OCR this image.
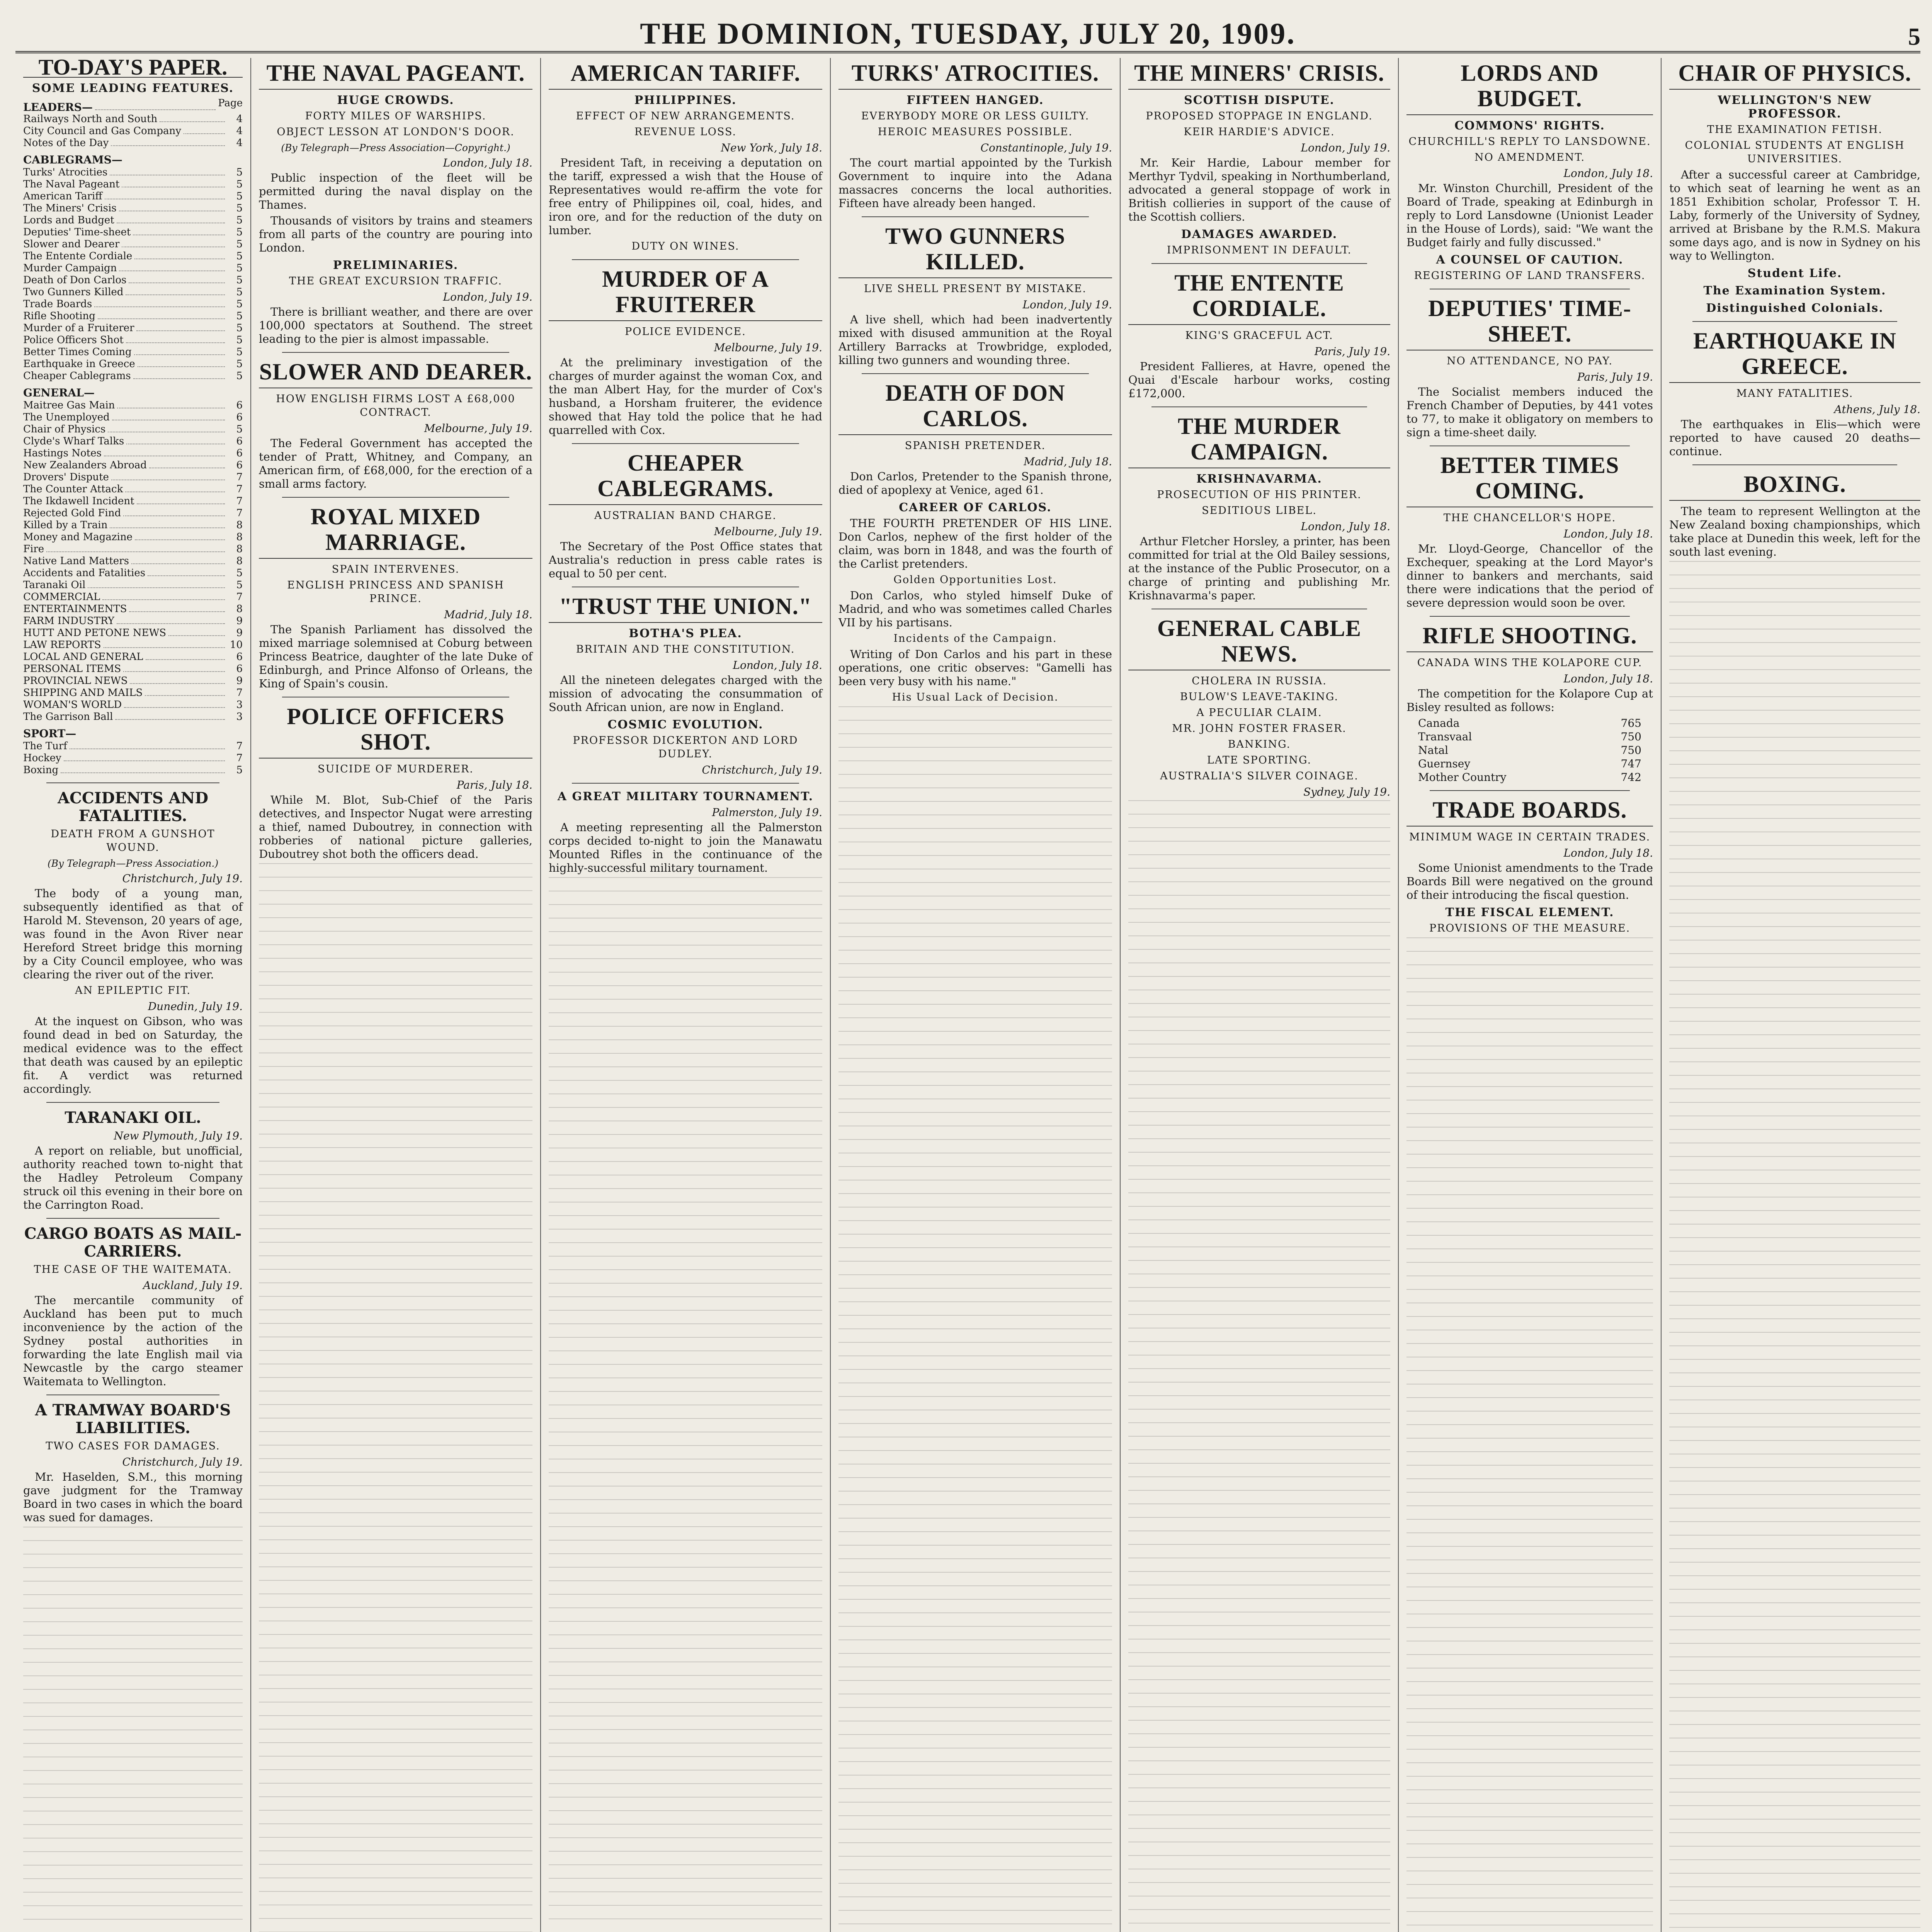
THE DOMINION, TUESDAY, JULY 20, 1909.	5
TO-DAY'S PAPER.
SOME LEADING FEATURES.
LEADERS—	Page
Railways North and South	4
City Council and Gas Company	4
Notes of the Day	4
CABLEGRAMS—
Turks' Atrocities	5
The Naval Pageant	5
American Tariff	5
The Miners' Crisis	5
Lords and Budget	5
Deputies' Time-sheet	5
Slower and Dearer	5
The Entente Cordiale	5
Murder Campaign	5
Death of Don Carlos	5
Two Gunners Killed	5
Trade Boards	5
Rifle Shooting	5
Murder of a Fruiterer	5
Police Officers Shot	5
Better Times Coming	5
Earthquake in Greece	5
Cheaper Cablegrams	5
GENERAL—
Maitree Gas Main	6
The Unemployed	6
Chair of Physics	5
Clyde's Wharf Talks	6
Hastings Notes	6
New Zealanders Abroad	6
Drovers' Dispute	7
The Counter Attack	7
The Ikdawell Incident	7
Rejected Gold Find	7
Killed by a Train	8
Money and Magazine	8
Fire	8
Native Land Matters	8
Accidents and Fatalities	5
Taranaki Oil	5
COMMERCIAL	7
ENTERTAINMENTS	8
FARM INDUSTRY	9
HUTT AND PETONE NEWS	9
LAW REPORTS	10
LOCAL AND GENERAL	6
PERSONAL ITEMS	6
PROVINCIAL NEWS	9
SHIPPING AND MAILS	7
WOMAN'S WORLD	3
The Garrison Ball	3
SPORT—
The Turf	7
Hockey	7
Boxing	5
ACCIDENTS AND FATALITIES.
DEATH FROM A GUNSHOT WOUND.
(By Telegraph—Press Association.)
Christchurch, July 19.

The body of a young man, subsequently identified as that of Harold M. Stevenson, 20 years of age, was found in the Avon River near Hereford Street bridge this morning by a City Council employee, who was clearing the river out of the river.

AN EPILEPTIC FIT.
Dunedin, July 19.

At the inquest on Gibson, who was found dead in bed on Saturday, the medical evidence was to the effect that death was caused by an epileptic fit. A verdict was returned accordingly.

TARANAKI OIL.
New Plymouth, July 19.

A report on reliable, but unofficial, authority reached town to-night that the Hadley Petroleum Company struck oil this evening in their bore on the Carrington Road.

CARGO BOATS AS MAIL-CARRIERS.
THE CASE OF THE WAITEMATA.
Auckland, July 19.

The mercantile community of Auckland has been put to much inconvenience by the action of the Sydney postal authorities in forwarding the late English mail via Newcastle by the cargo steamer Waitemata to Wellington.

A TRAMWAY BOARD'S LIABILITIES.
TWO CASES FOR DAMAGES.
Christchurch, July 19.

Mr. Haselden, S.M., this morning gave judgment for the Tramway Board in two cases in which the board was sued for damages.

THE NAVAL PAGEANT.
HUGE CROWDS.
FORTY MILES OF WARSHIPS.
OBJECT LESSON AT LONDON'S DOOR.
(By Telegraph—Press Association—Copyright.)
London, July 18.

Public inspection of the fleet will be permitted during the naval display on the Thames.

Thousands of visitors by trains and steamers from all parts of the country are pouring into London.

PRELIMINARIES.
THE GREAT EXCURSION TRAFFIC.
London, July 19.

There is brilliant weather, and there are over 100,000 spectators at Southend. The street leading to the pier is almost impassable.

SLOWER AND DEARER.
HOW ENGLISH FIRMS LOST A £68,000 CONTRACT.
Melbourne, July 19.

The Federal Government has accepted the tender of Pratt, Whitney, and Company, an American firm, of £68,000, for the erection of a small arms factory.

ROYAL MIXED MARRIAGE.
SPAIN INTERVENES.
ENGLISH PRINCESS AND SPANISH PRINCE.
Madrid, July 18.

The Spanish Parliament has dissolved the mixed marriage solemnised at Coburg between Princess Beatrice, daughter of the late Duke of Edinburgh, and Prince Alfonso of Orleans, the King of Spain's cousin.

POLICE OFFICERS SHOT.
SUICIDE OF MURDERER.
Paris, July 18.

While M. Blot, Sub-Chief of the Paris detectives, and Inspector Nugat were arresting a thief, named Duboutrey, in connection with robberies of national picture galleries, Duboutrey shot both the officers dead.

AMERICAN TARIFF.
PHILIPPINES.
EFFECT OF NEW ARRANGEMENTS.
REVENUE LOSS.
New York, July 18.

President Taft, in receiving a deputation on the tariff, expressed a wish that the House of Representatives would re-affirm the vote for free entry of Philippines oil, coal, hides, and iron ore, and for the reduction of the duty on lumber.

DUTY ON WINES.
MURDER OF A FRUITERER
POLICE EVIDENCE.
Melbourne, July 19.

At the preliminary investigation of the charges of murder against the woman Cox, and the man Albert Hay, for the murder of Cox's husband, a Horsham fruiterer, the evidence showed that Hay told the police that he had quarrelled with Cox.

CHEAPER CABLEGRAMS.
AUSTRALIAN BAND CHARGE.
Melbourne, July 19.

The Secretary of the Post Office states that Australia's reduction in press cable rates is equal to 50 per cent.

"TRUST THE UNION."
BOTHA'S PLEA.
BRITAIN AND THE CONSTITUTION.
London, July 18.

All the nineteen delegates charged with the mission of advocating the consummation of South African union, are now in England.

COSMIC EVOLUTION.
PROFESSOR DICKERTON AND LORD DUDLEY.
Christchurch, July 19.
A GREAT MILITARY TOURNAMENT.
Palmerston, July 19.

A meeting representing all the Palmerston corps decided to-night to join the Manawatu Mounted Rifles in the continuance of the highly-successful military tournament.

TURKS' ATROCITIES.
FIFTEEN HANGED.
EVERYBODY MORE OR LESS GUILTY.
HEROIC MEASURES POSSIBLE.
Constantinople, July 19.

The court martial appointed by the Turkish Government to inquire into the Adana massacres concerns the local authorities. Fifteen have already been hanged.

TWO GUNNERS KILLED.
LIVE SHELL PRESENT BY MISTAKE.
London, July 19.

A live shell, which had been inadvertently mixed with disused ammunition at the Royal Artillery Barracks at Trowbridge, exploded, killing two gunners and wounding three.

DEATH OF DON CARLOS.
SPANISH PRETENDER.
Madrid, July 18.

Don Carlos, Pretender to the Spanish throne, died of apoplexy at Venice, aged 61.

CAREER OF CARLOS.

THE FOURTH PRETENDER OF HIS LINE. Don Carlos, nephew of the first holder of the claim, was born in 1848, and was the fourth of the Carlist pretenders.

Golden Opportunities Lost.

Don Carlos, who styled himself Duke of Madrid, and who was sometimes called Charles VII by his partisans.

Incidents of the Campaign.

Writing of Don Carlos and his part in these operations, one critic observes: "Gamelli has been very busy with his name."

His Usual Lack of Decision.
THE MINERS' CRISIS.
SCOTTISH DISPUTE.
PROPOSED STOPPAGE IN ENGLAND.
KEIR HARDIE'S ADVICE.
London, July 19.

Mr. Keir Hardie, Labour member for Merthyr Tydvil, speaking in Northumberland, advocated a general stoppage of work in British collieries in support of the cause of the Scottish colliers.

DAMAGES AWARDED.
IMPRISONMENT IN DEFAULT.
THE ENTENTE CORDIALE.
KING'S GRACEFUL ACT.
Paris, July 19.

President Fallieres, at Havre, opened the Quai d'Escale harbour works, costing £172,000.

THE MURDER CAMPAIGN.
KRISHNAVARMA.
PROSECUTION OF HIS PRINTER.
SEDITIOUS LIBEL.
London, July 18.

Arthur Fletcher Horsley, a printer, has been committed for trial at the Old Bailey sessions, at the instance of the Public Prosecutor, on a charge of printing and publishing Mr. Krishnavarma's paper.

GENERAL CABLE NEWS.
CHOLERA IN RUSSIA.
BULOW'S LEAVE-TAKING.
A PECULIAR CLAIM.
MR. JOHN FOSTER FRASER.
BANKING.
LATE SPORTING.
AUSTRALIA'S SILVER COINAGE.
Sydney, July 19.
LORDS AND BUDGET.
COMMONS' RIGHTS.
CHURCHILL'S REPLY TO LANSDOWNE.
NO AMENDMENT.
London, July 18.

Mr. Winston Churchill, President of the Board of Trade, speaking at Edinburgh in reply to Lord Lansdowne (Unionist Leader in the House of Lords), said: "We want the Budget fairly and fully discussed."

A COUNSEL OF CAUTION.
REGISTERING OF LAND TRANSFERS.
DEPUTIES' TIME-SHEET.
NO ATTENDANCE, NO PAY.
Paris, July 19.

The Socialist members induced the French Chamber of Deputies, by 441 votes to 77, to make it obligatory on members to sign a time-sheet daily.

BETTER TIMES COMING.
THE CHANCELLOR'S HOPE.
London, July 18.

Mr. Lloyd-George, Chancellor of the Exchequer, speaking at the Lord Mayor's dinner to bankers and merchants, said there were indications that the period of severe depression would soon be over.

RIFLE SHOOTING.
CANADA WINS THE KOLAPORE CUP.
London, July 18.

The competition for the Kolapore Cup at Bisley resulted as follows:

Canada	765
Transvaal	750
Natal	750
Guernsey	747
Mother Country	742
TRADE BOARDS.
MINIMUM WAGE IN CERTAIN TRADES.
London, July 18.

Some Unionist amendments to the Trade Boards Bill were negatived on the ground of their introducing the fiscal question.

THE FISCAL ELEMENT.
PROVISIONS OF THE MEASURE.
CHAIR OF PHYSICS.
WELLINGTON'S NEW PROFESSOR.
THE EXAMINATION FETISH.
COLONIAL STUDENTS AT ENGLISH UNIVERSITIES.

After a successful career at Cambridge, to which seat of learning he went as an 1851 Exhibition scholar, Professor T. H. Laby, formerly of the University of Sydney, arrived at Brisbane by the R.M.S. Makura some days ago, and is now in Sydney on his way to Wellington.

Student Life.
The Examination System.
Distinguished Colonials.
EARTHQUAKE IN GREECE.
MANY FATALITIES.
Athens, July 18.

The earthquakes in Elis—which were reported to have caused 20 deaths—continue.

BOXING.

The team to represent Wellington at the New Zealand boxing championships, which take place at Dunedin this week, left for the south last evening.
